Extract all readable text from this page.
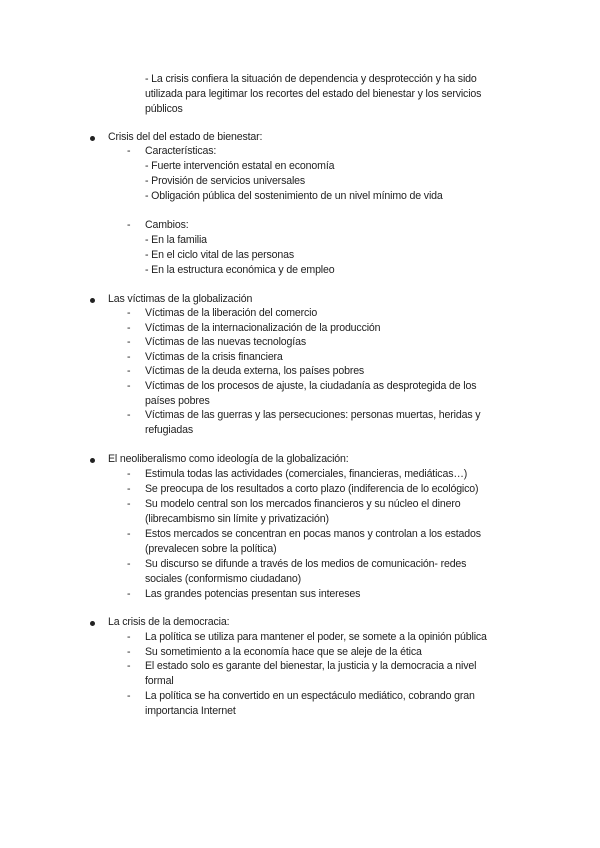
- La crisis confiera la situación de dependencia y desprotección y ha sido
utilizada para legitimar los recortes del estado del bienestar y los servicios
públicos
Crisis del del estado de bienestar:
- Características:
- Fuerte intervención estatal en economía
- Provisión de servicios universales
- Obligación pública del sostenimiento de un nivel mínimo de vida
- Cambios:
- En la familia
- En el ciclo vital de las personas
- En la estructura económica y de empleo
Las víctimas de la globalización
- Víctimas de la liberación del comercio
- Víctimas de la internacionalización de la producción
- Víctimas de las nuevas tecnologías
- Víctimas de la crisis financiera
- Víctimas de la deuda externa, los países pobres
- Víctimas de los procesos de ajuste, la ciudadanía as desprotegida de los
países pobres
- Víctimas de las guerras y las persecuciones: personas muertas, heridas y
refugiadas
El neoliberalismo como ideología de la globalización:
- Estimula todas las actividades (comerciales, financieras, mediáticas…)
- Se preocupa de los resultados a corto plazo (indiferencia de lo ecológico)
- Su modelo central son los mercados financieros y su núcleo el dinero
(librecambismo sin límite y privatización)
- Estos mercados se concentran en pocas manos y controlan a los estados
(prevalecen sobre la política)
- Su discurso se difunde a través de los medios de comunicación- redes
sociales (conformismo ciudadano)
- Las grandes potencias presentan sus intereses
La crisis de la democracia:
- La política se utiliza para mantener el poder, se somete a la opinión pública
- Su sometimiento a la economía hace que se aleje de la ética
- El estado solo es garante del bienestar, la justicia y la democracia a nivel
formal
- La política se ha convertido en un espectáculo mediático, cobrando gran
importancia Internet
